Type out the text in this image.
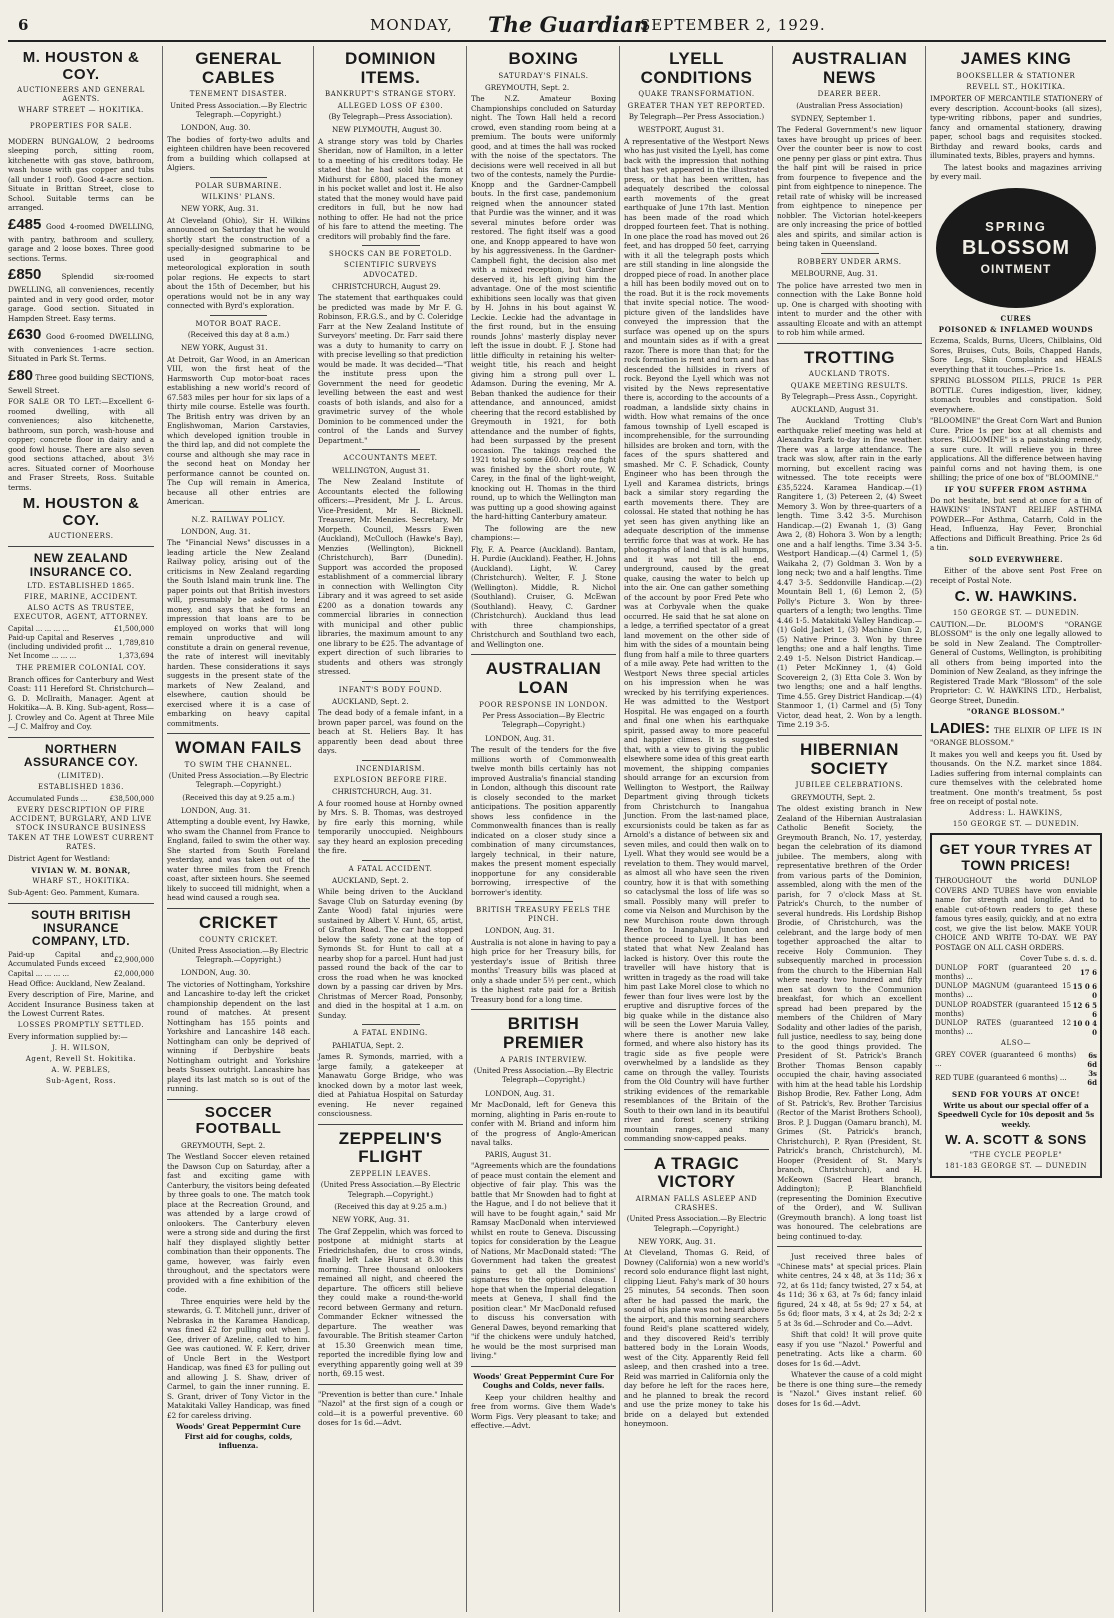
6	MONDAY, The Guardian
SEPTEMBER 2, 1929.
M. HOUSTON & COY.
AUCTIONEERS AND GENERAL AGENTS.
WHARF STREET — HOKITIKA.
PROPERTIES FOR SALE.

MODERN BUNGALOW, 2 bedrooms sleeping porch, sitting room, kitchenette with gas stove, bathroom, wash house with gas copper and tubs (all under 1 roof). Good 4-acre section. Situate in Brittan Street, close to School. Suitable terms can be arranged.

£485 Good 4-roomed DWELLING, with pantry, bathroom and scullery, garage and 2 loose boxes. Three good sections. Terms.

£850	Splendid six-roomed DWELLING, all conveniences, recently painted and in very good order, motor garage. Good section. Situated in Hampden Street. Easy terms.

£630 Good 6-roomed DWELLING, with conveniences 1-acre section. Situated in Park St. Terms.

£80 Three good building SECTIONS, Sewell Street.

FOR SALE OR TO LET:—Excellent 6-roomed dwelling, with all conveniences; also kitchenette, bathroom, sun porch, wash-house and copper; concrete floor in dairy and a good fowl house. There are also seven good sections attached, about 3½ acres. Situated corner of Moorhouse and Fraser Streets, Ross. Suitable terms.

M. HOUSTON & COY.
AUCTIONEERS.
NEW ZEALAND INSURANCE CO.
LTD. ESTABLISHED 1865.
FIRE, MARINE, ACCIDENT.
ALSO ACTS AS TRUSTEE, EXECUTOR, AGENT, ATTORNEY.
Capital ... ... ... ...	£1,500,000
Paid-up Capital and Reserves (including undivided profit ...	1,789,810
Net Income ... ... ...	1,373,694
THE PREMIER COLONIAL COY.

Branch offices for Canterbury and West Coast: 111 Hereford St. Christchurch—G. D. McIlraith, Manager. Agent at Hokitika—A. B. King. Sub-agent, Ross—J. Crowley and Co. Agent at Three Mile—J C. Malfroy and Coy.

NORTHERN ASSURANCE COY.
(LIMITED).
ESTABLISHED 1836.
Accumulated Funds ...	£38,500,000
EVERY DESCRIPTION OF FIRE ACCIDENT, BURGLARY, AND LIVE STOCK INSURANCE BUSINESS TAKEN AT THE LOWEST CURRENT RATES.

District Agent for Westland:

VIVIAN W. M. BONAR,
WHARF ST., HOKITIKA.

Sub-Agent: Geo. Pamment, Kumara.

SOUTH BRITISH INSURANCE COMPANY, LTD.
Paid-up Capital and Accumulated Funds exceed	£2,900,000
Capital ... ... ... ...	£2,000,000

Head Office: Auckland, New Zealand.

Every description of Fire, Marine, and Accident Insurance Business taken at the Lowest Current Rates.

LOSSES PROMPTLY SETTLED.

Every information supplied by:—

J. H. WILSON,
Agent, Revell St. Hokitika.
A. W. PEBLES,
Sub-Agent, Ross.
GENERAL CABLES
TENEMENT DISASTER.
United Press Association.—By Electric Telegraph.—Copyright.)

LONDON, Aug. 30.

The bodies of forty-two adults and eighteen children have been recovered from a building which collapsed at Algiers.

POLAR SUBMARINE.
WILKINS' PLANS.

NEW YORK, Aug. 31.

At Cleveland (Ohio), Sir H. Wilkins announced on Saturday that he would shortly start the construction of a specially-designed submarine to be used in geographical and meteorological exploration in south polar regions. He expects to start about the 15th of December, but his operations would not be in any way connected with Byrd's exploration.

MOTOR BOAT RACE.
(Received this day at 8 a.m.)

NEW YORK, August 31.

At Detroit, Gar Wood, in an American VIII, won the first heat of the Harmsworth Cup motor-boat races establishing a new world's record of 67.583 miles per hour for six laps of a thirty mile course. Estelle was fourth. The British entry was driven by an Englishwoman, Marion Carstavies, which developed ignition trouble in the third lap, and did not complete the course and although she may race in the second heat on Monday her performance cannot be counted on. The Cup will remain in America, because all other entries are American.

N.Z. RAILWAY POLICY.

LONDON, Aug. 31.

The "Financial News" discusses in a leading article the New Zealand Railway policy, arising out of the criticisms in New Zealand regarding the South Island main trunk line. The paper points out that British investors will, presumably be asked to lend money, and says that he forms an impression that loans are to be employed on works that will long remain unproductive and will constitute a drain on general revenue, the rate of interest will inevitably harden. These considerations it says suggests in the present state of the markets of New Zealand, and elsewhere, caution should be exercised where it is a case of embarking on heavy capital commitments.

WOMAN FAILS
TO SWIM THE CHANNEL.
(United Press Association.—By Electric Telegraph.—Copyright.)
(Received this day at 9.25 a.m.)

LONDON, Aug. 31.

Attempting a double event, Ivy Hawke, who swam the Channel from France to England, failed to swim the other way. She started from South Foreland yesterday, and was taken out of the water three miles from the French coast, after sixteen hours. She seemed likely to succeed till midnight, when a head wind caused a rough sea.

CRICKET
COUNTY CRICKET.
(United Press Association.—By Electric Telegraph.—Copyright.)

LONDON, Aug. 30.

The victories of Nottingham, Yorkshire and Lancashire to-day left the cricket championship dependent on the last round of matches. At present Nottingham has 155 points and Yorkshire and Lancashire 148 each. Nottingham can only be deprived of winning if Derbyshire beats Nottingham outright and Yorkshire beats Sussex outright. Lancashire has played its last match so is out of the running.

SOCCER FOOTBALL

GREYMOUTH, Sept. 2.

The Westland Soccer eleven retained the Dawson Cup on Saturday, after a fast and exciting game with Canterbury, the visitors being defeated by three goals to one. The match took place at the Recreation Ground, and was attended by a large crowd of onlookers. The Canterbury eleven were a strong side and during the first half they displayed slightly better combination than their opponents. The game, however, was fairly even throughout, and the spectators were provided with a fine exhibition of the code.

Three enquiries were held by the stewards, G. T. Mitchell junr., driver of Nebraska in the Karamea Handicap, was fined £2 for pulling out when J. Gee, driver of Azeline, called to him. Gee was cautioned. W. F. Kerr, driver of Uncle Bert in the Westport Handicap, was fined £3 for pulling out and allowing J. S. Shaw, driver of Carmel, to gain the inner running. E. S. Grant, driver of Tony Victor in the Matakitaki Valley Handicap, was fined £2 for careless driving.

Woods' Great Peppermint Cure First aid for coughs, colds, influenza.

DOMINION ITEMS.
BANKRUPT'S STRANGE STORY.
ALLEGED LOSS OF £300.
(By Telegraph—Press Association).

NEW PLYMOUTH, August 30.

A strange story was told by Charles Sheridan, now of Hamilton, in a letter to a meeting of his creditors today. He stated that he had sold his farm at Midhurst for £800, placed the money in his pocket wallet and lost it. He also stated that the money would have paid creditors in full, but he now had nothing to offer. He had not the price of his fare to attend the meeting. The creditors will probably find the fare.

SHOCKS CAN BE FORETOLD.
SCIENTIFIC SURVEYS ADVOCATED.

CHRISTCHURCH, August 29.

The statement that earthquakes could be predicted was made by Mr F. G. Robinson, F.R.G.S., and by C. Coleridge Farr at the New Zealand Institute of Surveyors' meeting. Dr. Farr said there was a duty to humanity to carry on with precise levelling so that prediction would be made. It was decided—"That the institute press upon the Government the need for geodetic levelling between the east and west coasts of both islands, and also for a gravimetric survey of the whole Dominion to be commenced under the control of the Lands and Survey Department."

ACCOUNTANTS MEET.

WELLINGTON, August 31.

The New Zealand Institute of Accountants elected the following officers:—President, Mr J. L. Arcus. Vice-President, Mr H. Bicknell. Treasurer, Mr. Menzies. Secretary, Mr Morpeth. Council, Messrs Ewen (Auckland), McCulloch (Hawke's Bay), Menzies (Wellington), Bicknell (Christchurch), Barr (Dunedin). Support was accorded the proposed establishment of a commercial library in connection with Wellington City Library and it was agreed to set aside £200 as a donation towards any commercial libraries in connection with municipal and other public libraries, the maximum amount to any one library to be £25. The advantage of expert direction of such libraries to students and others was strongly stressed.

INFANT'S BODY FOUND.

AUCKLAND, Sept. 2.

The dead body of a female infant, in a brown paper parcel, was found on the beach at St. Heliers Bay. It has apparently been dead about three days.

INCENDIARISM.
EXPLOSION BEFORE FIRE.

CHRISTCHURCH, Aug. 31.

A four roomed house at Hornby owned by Mrs. S. B. Thomas, was destroyed by fire early this morning, while temporarily unoccupied. Neighbours say they heard an explosion preceding the fire.

A FATAL ACCIDENT.

AUCKLAND, Sept. 2.

While being driven to the Auckland Savage Club on Saturday evening (by Zante Wood) fatal injuries were sustained by Albert V. Hunt, 65, artist, of Grafton Road. The car had stopped below the safety zone at the top of Symonds St. for Hunt to call at a nearby shop for a parcel. Hunt had just passed round the back of the car to cross the road when he was knocked down by a passing car driven by Mrs. Christmas of Mercer Road, Ponsonby, and died in the hospital at 1 a.m. on Sunday.

A FATAL ENDING.

PAHIATUA, Sept. 2.

James R. Symonds, married, with a large family, a gatekeeper at Manawatu Gorge Bridge, who was knocked down by a motor last week, died at Pahiatua Hospital on Saturday evening. He never regained consciousness.

ZEPPELIN'S FLIGHT
ZEPPELIN LEAVES.
(United Press Association.—By Electric Telegraph.—Copyright.)
(Received this day at 9.25 a.m.)

NEW YORK, Aug. 31.

The Graf Zeppelin, which was forced to postpone at midnight starts at Friedrichshafen, due to cross winds, finally left Lake Hurst at 8.30 this morning. Three thousand onlookers remained all night, and cheered the departure. The officers still believe they could make a round-the-world record between Germany and return. Commander Eckner witnessed the departure. The weather was favourable. The British steamer Carton at 15.30 Greenwich mean time, reported the incredible flying low and everything apparently going well at 39 north, 69.15 west.

"Prevention is better than cure." Inhale "Nazol" at the first sign of a cough or cold—it is a powerful preventive. 60 doses for 1s 6d.—Advt.

BOXING
SATURDAY'S FINALS.

GREYMOUTH, Sept. 2.

The N.Z. Amateur Boxing Championships concluded on Saturday night. The Town Hall held a record crowd, even standing room being at a premium. The bouts were uniformly good, and at times the hall was rocked with the noise of the spectators. The decisions were well received in all but two of the contests, namely the Purdie-Knopp and the Gardner-Campbell bouts. In the first case, pandemonium reigned when the announcer stated that Purdie was the winner, and it was several minutes before order was restored. The fight itself was a good one, and Knopp appeared to have won by his aggressiveness. In the Gardner-Campbell fight, the decision also met with a mixed reception, but Gardner deserved it, his left giving him the advantage. One of the most scientific exhibitions seen locally was that given by H. Johns in his bout against W. Leckie. Leckie had the advantage in the first round, but in the ensuing rounds Johns' masterly display never left the issue in doubt. F. J. Stone had little difficulty in retaining his welter-weight title, his reach and height giving him a strong pull over L. Adamson. During the evening, Mr A. Beban thanked the audience for their attendance, and announced, amidst cheering that the record established by Greymouth in 1921, for both attendance and the number of fights, had been surpassed by the present occasion. The takings reached the 1921 total by some £60. Only one fight was finished by the short route, W. Carey, in the final of the light-weight, knocking out H. Thomas in the third round, up to which the Wellington man was putting up a good showing against the hard-hitting Canterbury amateur.

The following are the new champions:—

Fly, F. A. Pearce (Auckland). Bantam, H. Purdie (Auckland). Feather, H. Johns (Auckland). Light, W. Carey (Christchurch). Welter, F. J. Stone (Wellington). Middle, R. Nichol (Southland). Cruiser, G. McEwan (Southland). Heavy, C. Gardner (Christchurch). Auckland thus lead with three championships, Christchurch and Southland two each, and Wellington one.

AUSTRALIAN LOAN
POOR RESPONSE IN LONDON.
Per Press Association—By Electric Telegraph—Copyright.)

LONDON, Aug. 31.

The result of the tenders for the five millions worth of Commonwealth twelve month bills certainly has not improved Australia's financial standing in London, although this discount rate is closely seconded to the market anticipations. The position apparently shows less confidence in the Commonwealth finances than is really indicated on a closer study since a combination of many circumstances, largely technical, in their nature, makes the present moment especially inopportune for any considerable borrowing, irrespective of the borrower's identity.

BRITISH TREASURY FEELS THE PINCH.

LONDON, Aug. 31.

Australia is not alone in having to pay a high price for her Treasury bills, for yesterday's issue of British three months' Treasury bills was placed at only a shade under 5½ per cent., which is the highest rate paid for a British Treasury bond for a long time.

BRITISH PREMIER
A PARIS INTERVIEW.
(United Press Association.—By Electric Telegraph—Copyright.)

LONDON, Aug. 31.

Mr MacDonald, left for Geneva this morning, alighting in Paris en-route to confer with M. Briand and inform him of the progress of Anglo-American naval talks.

PARIS, August 31.

"Agreements which are the foundations of peace must contain the element and objective of fair play. This was the battle that Mr Snowden had to fight at the Hague, and I do not believe that it will have to be fought again," said Mr Ramsay MacDonald when interviewed whilst en route to Geneva. Discussing topics for consideration by the League of Nations, Mr MacDonald stated: "The Government had taken the greatest pains to get all the Dominions' signatures to the optional clause. I hope that when the Imperial delegation meets at Geneva, I shall find the position clear." Mr MacDonald refused to discuss his conversation with General Dawes, beyond remarking that "if the chickens were unduly hatched, he would be the most surprised man living."

Woods' Great Peppermint Cure For Coughs and Colds, never fails.

Keep your children healthy and free from worms. Give them Wade's Worm Figs. Very pleasant to take; and effective.—Advt.

LYELL CONDITIONS
QUAKE TRANSFORMATION.
GREATER THAN YET REPORTED.
By Telegraph—Per Press Association.)

WESTPORT, August 31.

A representative of the Westport News who has just visited the Lyell, has come back with the impression that nothing that has yet appeared in the illustrated press, or that has been written, has adequately described the colossal earth movements of the great earthquake of June 17th last. Mention has been made of the road which dropped fourteen feet. That is nothing. In one place the road has moved out 26 feet, and has dropped 50 feet, carrying with it all the telegraph posts which are still standing in line alongside the dropped piece of road. In another place a hill has been bodily moved out on to the road. But it is the rock movements that invite special notice. The wood-picture given of the landslides have conveyed the impression that the surface was opened up on the spurs and mountain sides as if with a great razor. There is more than that; for the rock formation is rent and torn and has descended the hillsides in rivers of rock. Beyond the Lyell which was not visited by the News representative there is, according to the accounts of a roadman, a landslide sixty chains in width. How what remains of the once famous township of Lyell escaped is incomprehensible, for the surrounding hillsides are broken and torn, with the faces of the spurs shattered and smashed. Mr C. F. Schadick, County Engineer who has been through the Lyell and Karamea districts, brings back a similar story regarding the earth movements there. They are colossal. He stated that nothing he has yet seen has given anything like an adequate description of the immense terrific force that was at work. He has photographs of land that is all humps, and it was not till the end, underground, caused by the great quake, causing the water to belch up into the air. One can gather something of the account by poor Fred Pete who was at Corbyvale when the quake occurred. He said that he sat alone on a ledge, a terrified spectator of a great land movement on the other side of him with the sides of a mountain being flung from half a mile to three quarters of a mile away. Pete had written to the Westport News three special articles on his impression when he was wrecked by his terrifying experiences. He was admitted to the Westport Hospital. He was engaged on a fourth and final one when his earthquake spirit, passed away to more peaceful and happier climes. It is suggested that, with a view to giving the public elsewhere some idea of this great earth movement, the shipping companies should arrange for an excursion from Wellington to Westport, the Railway Department giving through tickets from Christchurch to Inangahua Junction. From the last-named place, excursionists could be taken as far as Arnold's a distance of between six and seven miles, and could then walk on to Lyell. What they would see would be a revelation to them. They would marvel, as almost all who have seen the riven country, how it is that with something so cataclysmal the loss of life was so small. Possibly many will prefer to come via Nelson and Murchison by the new Murchison route down through Reefton to Inangahua Junction and thence proceed to Lyell. It has been stated that what New Zealand has lacked is history. Over this route the traveller will have history that is written in tragedy as the road will take him past Lake Morel close to which no fewer than four lives were lost by the eruptive and disruptive forces of the big quake while in the distance also will be seen the Lower Maruia Valley, where there is another new lake formed, and where also history has its tragic side as five people were overwhelmed by a landslide as they came on through the valley. Tourists from the Old Country will have further striking evidences of the remarkable resemblances of the Britain of the South to their own land in its beautiful river and forest scenery striking mountain ranges, and many commanding snow-capped peaks.

A TRAGIC VICTORY
AIRMAN FALLS ASLEEP AND CRASHES.
(United Press Association.—By Electric Telegraph.—Copyright.)

NEW YORK, Aug. 31.

At Cleveland, Thomas G. Reid, of Downey (California) won a new world's record solo endurance flight last night, clipping Lieut. Fahy's mark of 30 hours 25 minutes, 54 seconds. Then soon after he had passed the mark, the sound of his plane was not heard above the airport, and this morning searchers found Reid's plane scattered widely, and they discovered Reid's terribly battered body in the Lorain Woods, west of the City. Apparently Reid fell asleep, and then crashed into a tree. Reid was married in California only the day before he left for the races here, and he planned to break the record and use the prize money to take his bride on a delayed but extended honeymoon.

AUSTRALIAN NEWS
DEARER BEER.
(Australian Press Association)

SYDNEY, September 1.

The Federal Government's new liquor taxes have brought up prices of beer. Over the counter beer is now to cost one penny per glass or pint extra. Thus the half pint will be raised in price from fourpence to fivepence and the pint from eightpence to ninepence. The retail rate of whisky will be increased from eightpence to ninepence per nobbler. The Victorian hotel-keepers are only increasing the price of bottled ales and spirits, and similar action is being taken in Queensland.

ROBBERY UNDER ARMS.

MELBOURNE, Aug. 31.

The police have arrested two men in connection with the Lake Bonne hold up. One is charged with shooting with intent to murder and the other with assaulting Elcoate and with an attempt to rob him while armed.

TROTTING
AUCKLAND TROTS.
QUAKE MEETING RESULTS.
By Telegraph—Press Assn., Copyright.

AUCKLAND, August 31.

The Auckland Trotting Club's earthquake relief meeting was held at Alexandra Park to-day in fine weather. There was a large attendance. The track was slow, after rain in the early morning, but excellent racing was witnessed. The tote receipts were £35,5224. Karamea Handicap.—(1) Rangitere 1, (3) Petereen 2, (4) Sweet Memory 3. Won by three-quarters of a length. Time 3.42 3-5. Murchison Handicap.—(2) Ewanah 1, (3) Gang Awa 2, (8) Hohora 3. Won by a length; one and a half lengths. Time 3.34 3-5. Westport Handicap.—(4) Carmel 1, (5) Waikaha 2, (7) Goldman 3. Won by a long neck; two and a half lengths. Time 4.47 3-5. Seddonville Handicap.—(2) Mountain Bell 1, (6) Lemon 2, (5) Polly's Picture 3. Won by three-quarters of a length; two lengths. Time 4.46 1-5. Matakitaki Valley Handicap.—(1) Gold Jacket 1, (3) Machine Gun 2, (5) Native Prince 3. Won by three lengths; one and a half lengths. Time 2.49 1-5. Nelson District Handicap.—(1) Peter McKinney 1, (4) Gold Scovereign 2, (3) Etta Cole 3. Won by two lengths; one and a half lengths. Time 4.55. Grey District Handicap.—(4) Stanmoor 1, (1) Carmel and (5) Tony Victor, dead heat, 2. Won by a length. Time 2.19 3-5.

HIBERNIAN SOCIETY
JUBILEE CELEBRATIONS.

GREYMOUTH, Sept. 2.

The oldest existing branch in New Zealand of the Hibernian Australasian Catholic Benefit Society, the Greymouth Branch, No. 17, yesterday, began the celebration of its diamond jubilee. The members, along with representative brethren of the Order from various parts of the Dominion, assembled, along with the men of the parish, for 7 o'clock Mass at St. Patrick's Church, to the number of several hundreds. His Lordship Bishop Brodie, of Christchurch, was the celebrant, and the large body of men together approached the altar to receive Holy Communion. They subsequently marched in procession from the church to the Hibernian Hall where nearly two hundred and fifty men sat down to the Communion breakfast, for which an excellent spread had been prepared by the members of the Children of Mary Sodality and other ladies of the parish, full justice, needless to say, being done to the good things provided. The President of St. Patrick's Branch Brother Thomas Benson capably occupied the chair, having associated with him at the head table his Lordship Bishop Brodie, Rev. Father Long, Adm of St. Patrick's, Rev. Brother Tarcisius (Rector of the Marist Brothers School), Bros. P. J. Duggan (Oamaru branch), M. Grimes (St. Patrick's branch, Christchurch), P. Ryan (President, St. Patrick's branch, Christchurch), M. Hooper (President of St. Mary's branch, Christchurch), and H. McKeown (Sacred Heart branch, Addington); P. Blanchfield (representing the Dominion Executive of the Order), and W. Sullivan (Greymouth branch). A long toast list was honoured. The celebrations are being continued to-day.

Just received three bales of "Chinese mats" at special prices. Plain white centres, 24 x 48, at 3s 11d; 36 x 72, at 6s 11d; fancy twisted, 27 x 54, at 4s 11d; 36 x 63, at 7s 6d; fancy inlaid figured, 24 x 48, at 5s 9d; 27 x 54, at 5s 6d; floor mats, 3 x 4, at 2s 3d; 2-2 x 5 at 3s 6d.—Schroder and Co.—Advt.

Shift that cold! It will prove quite easy if you use "Nazol." Powerful and penetrating. Acts like a charm. 60 doses for 1s 6d.—Advt.

Whatever the cause of a cold might be there is one thing sure—the remedy is "Nazol." Gives instant relief. 60 doses for 1s 6d.—Advt.

JAMES KING
BOOKSELLER & STATIONER
REVELL ST., HOKITIKA.

IMPORTER OF MERCANTILE STATIONERY of every description. Account-books (all sizes), type-writing ribbons, paper and sundries, fancy and ornamental stationery, drawing paper, school bags and requisites stocked. Birthday and reward books, cards and illuminated texts, Bibles, prayers and hymns.

The latest books and magazines arriving by every mail.

SPRING
BLOSSOM
OINTMENT
CURES
POISONED & INFLAMED WOUNDS

Eczema, Scalds, Burns, Ulcers, Chilblains, Old Sores, Bruises, Cuts, Boils, Chapped Hands, Sore Legs, Skin Complaints and HEALS everything that it touches.—Price 1s.

SPRING BLOSSOM PILLS, PRICE 1s PER BOTTLE. Cures indigestion, liver, kidney, stomach troubles and constipation. Sold everywhere.

"BLOOMINE" the Great Corn Wart and Bunion Cure. Price 1s per box at all chemists and stores. "BLOOMINE" is a painstaking remedy, a sure cure. It will relieve you in three applications. All the difference between having painful corns and not having them, is one shilling; the price of one box of "BLOOMINE."

IF YOU SUFFER FROM ASTHMA

Do not hesitate, but send at once for a tin of HAWKINS' INSTANT RELIEF ASTHMA POWDER—For Asthma, Catarrh, Cold in the Head, Influenza, Hay Fever, Bronchial Affections and Difficult Breathing. Price 2s 6d a tin.

SOLD EVERYWHERE.

Either of the above sent Post Free on receipt of Postal Note.

C. W. HAWKINS.
150 GEORGE ST. — DUNEDIN.

CAUTION.—Dr. BLOOM'S "ORANGE BLOSSOM" is the only one legally allowed to be sold in New Zealand. The Comptroller-General of Customs, Wellington, is prohibiting all others from being imported into the Dominion of New Zealand, as they infringe the Registered Trade Mark "Blossom" of the sole Proprietor: C. W. HAWKINS LTD., Herbalist, George Street, Dunedin.

"ORANGE BLOSSOM."

LADIES: THE ELIXIR OF LIFE IS IN "ORANGE BLOSSOM."

It makes you well and keeps you fit. Used by thousands. On the N.Z. market since 1884. Ladies suffering from internal complaints can cure themselves with the celebrated home treatment. One month's treatment, 5s post free on receipt of postal note.

Address: L. HAWKINS,
150 GEORGE ST. — DUNEDIN.
GET YOUR TYRES AT TOWN PRICES!

THROUGHOUT the world DUNLOP COVERS AND TUBES have won enviable name for strength and longlife. And to enable cut-of-town readers to get these famous tyres easily, quickly, and at no extra cost, we give the list below. MAKE YOUR CHOICE AND WRITE TO-DAY. WE PAY POSTAGE ON ALL CASH ORDERS.

Cover Tube s. d. s. d.
DUNLOP FORT (guaranteed 20 months) ...	17 6
DUNLOP MAGNUM (guaranteed 15 months) ...	15 0 6 0
DUNLOP ROADSTER (guaranteed 15 months)	12 6 5 6
DUNLOP RATES (guaranteed 12 months) ...	10 0 4 0
ALSO—
GREY COVER (guaranteed 6 months) ...	6s 6d
RED TUBE (guaranteed 6 months) ...	3s 6d
SEND FOR YOURS AT ONCE!

Write us about our special offer of a Speedwell Cycle for 10s deposit and 5s weekly.

W. A. SCOTT & SONS
"THE CYCLE PEOPLE"
181-183 GEORGE ST. — DUNEDIN
